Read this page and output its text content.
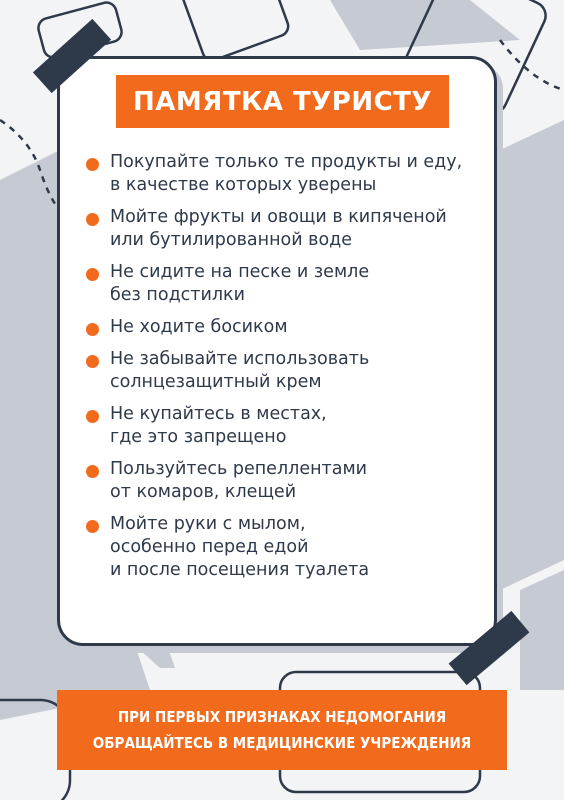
ПАМЯТКА ТУРИСТУ
Покупайте только те продукты и еду,
в качестве которых уверены
Мойте фрукты и овощи в кипяченой
или бутилированной воде
Не сидите на песке и земле
без подстилки
Не ходите босиком
Не забывайте использовать
солнцезащитный крем
Не купайтесь в местах,
где это запрещено
Пользуйтесь репеллентами
от комаров, клещей
Мойте руки с мылом,
особенно перед едой
и после посещения туалета
ПРИ ПЕРВЫХ ПРИЗНАКАХ НЕДОМОГАНИЯ
ОБРАЩАЙТЕСЬ В МЕДИЦИНСКИЕ УЧРЕЖДЕНИЯ
